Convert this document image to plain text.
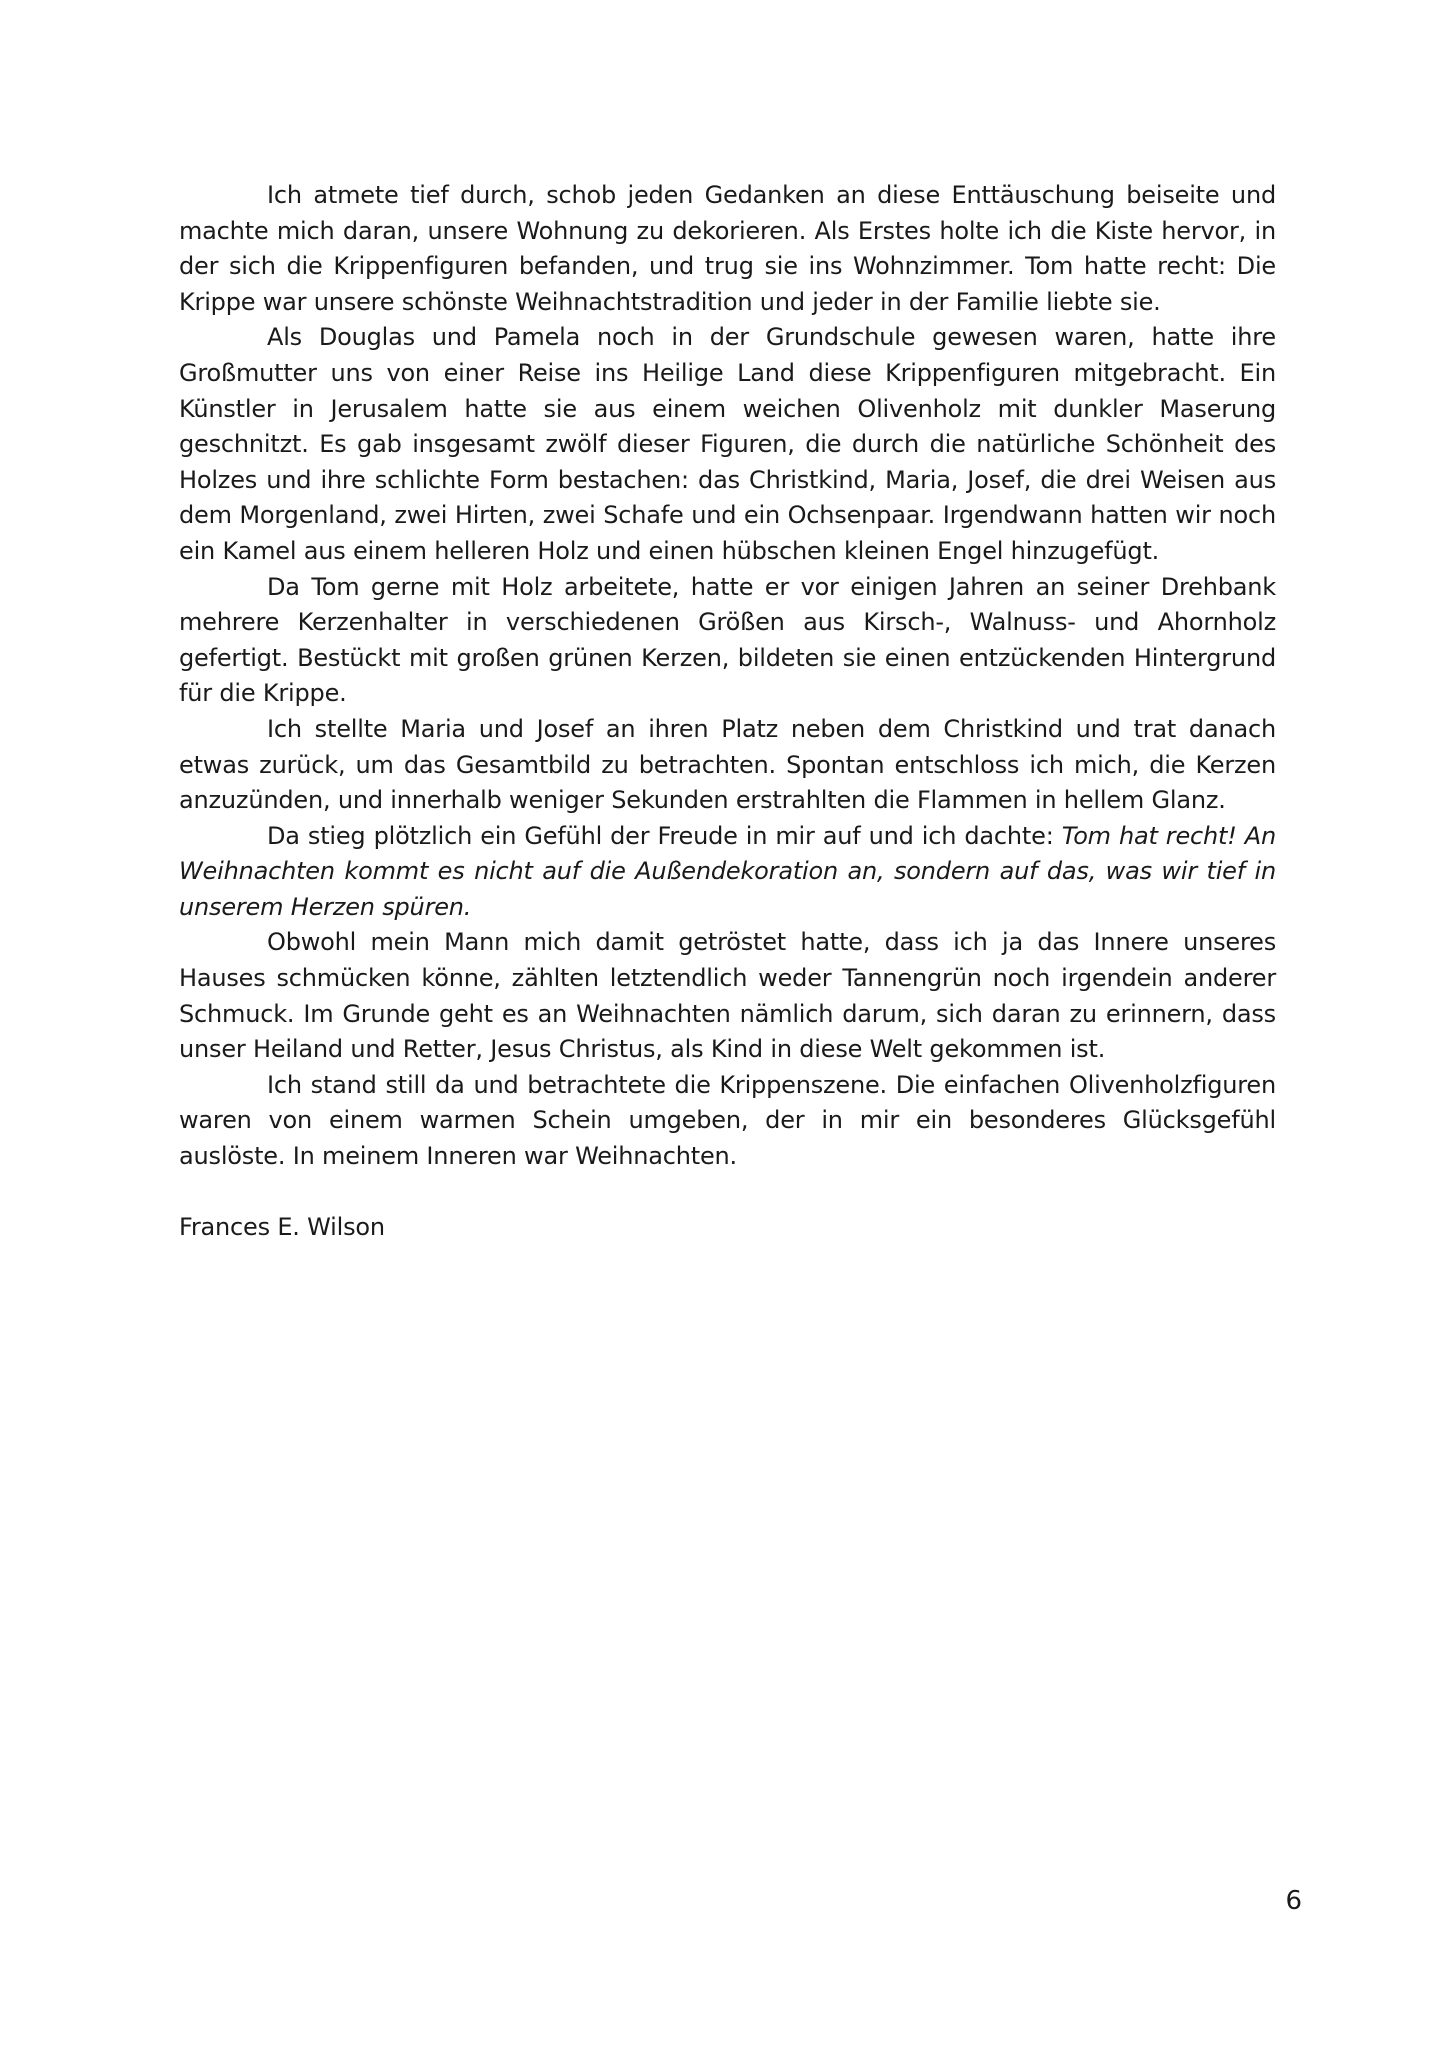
Ich atmete tief durch, schob jeden Gedanken an diese Enttäuschung beiseite und machte mich daran, unsere Wohnung zu dekorieren. Als Erstes holte ich die Kiste hervor, in der sich die Krippenfiguren befanden, und trug sie ins Wohnzimmer. Tom hatte recht: Die Krippe war unsere schönste Weihnachtstradition und jeder in der Familie liebte sie.

Als Douglas und Pamela noch in der Grundschule gewesen waren, hatte ihre Großmutter uns von einer Reise ins Heilige Land diese Krippenfiguren mitgebracht. Ein Künstler in Jerusalem hatte sie aus einem weichen Olivenholz mit dunkler Maserung geschnitzt. Es gab insgesamt zwölf dieser Figuren, die durch die natürliche Schönheit des Holzes und ihre schlichte Form bestachen: das Christkind, Maria, Josef, die drei Weisen aus dem Morgenland, zwei Hirten, zwei Schafe und ein Ochsenpaar. Irgendwann hatten wir noch ein Kamel aus einem helleren Holz und einen hübschen kleinen Engel hinzugefügt.

Da Tom gerne mit Holz arbeitete, hatte er vor einigen Jahren an seiner Drehbank mehrere Kerzenhalter in verschiedenen Größen aus Kirsch-, Walnuss- und Ahornholz gefertigt. Bestückt mit großen grünen Kerzen, bildeten sie einen entzückenden Hintergrund für die Krippe.

Ich stellte Maria und Josef an ihren Platz neben dem Christkind und trat danach etwas zurück, um das Gesamtbild zu betrachten. Spontan entschloss ich mich, die Kerzen anzuzünden, und innerhalb weniger Sekunden erstrahlten die Flammen in hellem Glanz.

Da stieg plötzlich ein Gefühl der Freude in mir auf und ich dachte: Tom hat recht! An Weihnachten kommt es nicht auf die Außendekoration an, sondern auf das, was wir tief in unserem Herzen spüren.

Obwohl mein Mann mich damit getröstet hatte, dass ich ja das Innere unseres Hauses schmücken könne, zählten letztendlich weder Tannengrün noch irgendein anderer Schmuck. Im Grunde geht es an Weihnachten nämlich darum, sich daran zu erinnern, dass unser Heiland und Retter, Jesus Christus, als Kind in diese Welt gekommen ist.

Ich stand still da und betrachtete die Krippenszene. Die einfachen Olivenholzfiguren waren von einem warmen Schein umgeben, der in mir ein besonderes Glücksgefühl auslöste. In meinem Inneren war Weihnachten.

Frances E. Wilson

6
